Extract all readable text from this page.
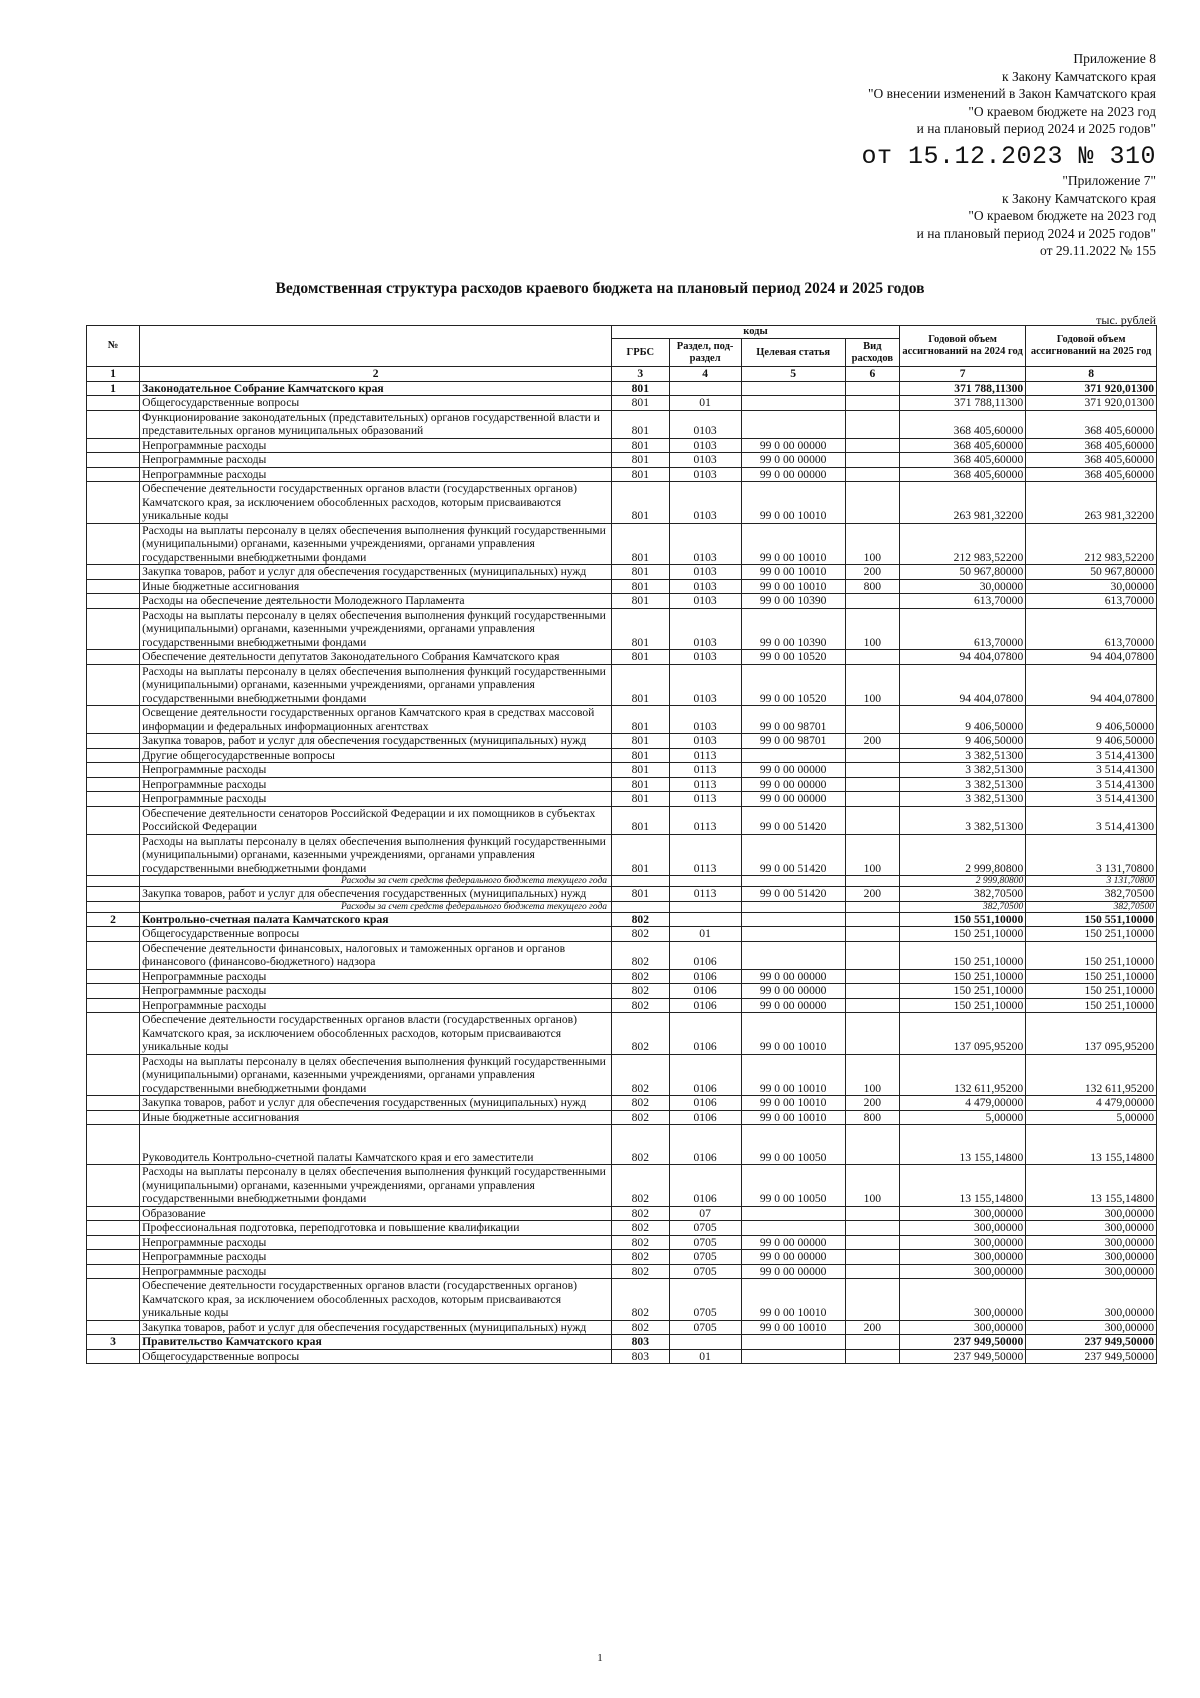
Приложение 8
к Закону Камчатского края
"О внесении изменений в Закон Камчатского края
"О краевом бюджете на 2023 год
и на плановый период 2024 и 2025 годов"
от 15.12.2023 № 310
"Приложение 7"
к Закону Камчатского края
"О краевом бюджете на 2023 год
и на плановый период 2024 и 2025 годов"
от 29.11.2022 № 155
Ведомственная структура расходов краевого бюджета на плановый период 2024 и 2025 годов
тыс. рублей
№		коды				Годовой объем ассигнований на 2024 год	Годовой объем ассигнований на 2025 год
		ГРБС	Раздел, под-раздел	Целевая статья	Вид расходов		
1	2	3	4	5	6	7	8
1	Законодательное Собрание Камчатского края	801				371 788,11300	371 920,01300
	Общегосударственные вопросы	801	01			371 788,11300	371 920,01300
	Функционирование законодательных (представительных) органов государственной власти и представительных органов муниципальных образований	801	0103			368 405,60000	368 405,60000
	Непрограммные расходы	801	0103	99 0 00 00000		368 405,60000	368 405,60000
	Непрограммные расходы	801	0103	99 0 00 00000		368 405,60000	368 405,60000
	Непрограммные расходы	801	0103	99 0 00 00000		368 405,60000	368 405,60000
	Обеспечение деятельности государственных органов власти (государственных органов) Камчатского края, за исключением обособленных расходов, которым присваиваются уникальные коды	801	0103	99 0 00 10010		263 981,32200	263 981,32200
	Расходы на выплаты персоналу в целях обеспечения выполнения функций государственными (муниципальными) органами, казенными учреждениями, органами управления государственными внебюджетными фондами	801	0103	99 0 00 10010	100	212 983,52200	212 983,52200
	Закупка товаров, работ и услуг для обеспечения государственных (муниципальных) нужд	801	0103	99 0 00 10010	200	50 967,80000	50 967,80000
	Иные бюджетные ассигнования	801	0103	99 0 00 10010	800	30,00000	30,00000
	Расходы на обеспечение деятельности Молодежного Парламента	801	0103	99 0 00 10390		613,70000	613,70000
	Расходы на выплаты персоналу в целях обеспечения выполнения функций государственными (муниципальными) органами, казенными учреждениями, органами управления государственными внебюджетными фондами	801	0103	99 0 00 10390	100	613,70000	613,70000
	Обеспечение деятельности депутатов Законодательного Собрания Камчатского края	801	0103	99 0 00 10520		94 404,07800	94 404,07800
	Расходы на выплаты персоналу в целях обеспечения выполнения функций государственными (муниципальными) органами, казенными учреждениями, органами управления государственными внебюджетными фондами	801	0103	99 0 00 10520	100	94 404,07800	94 404,07800
	Освещение деятельности государственных органов Камчатского края в средствах массовой информации и федеральных информационных агентствах	801	0103	99 0 00 98701		9 406,50000	9 406,50000
	Закупка товаров, работ и услуг для обеспечения государственных (муниципальных) нужд	801	0103	99 0 00 98701	200	9 406,50000	9 406,50000
	Другие общегосударственные вопросы	801	0113			3 382,51300	3 514,41300
	Непрограммные расходы	801	0113	99 0 00 00000		3 382,51300	3 514,41300
	Непрограммные расходы	801	0113	99 0 00 00000		3 382,51300	3 514,41300
	Непрограммные расходы	801	0113	99 0 00 00000		3 382,51300	3 514,41300
	Обеспечение деятельности сенаторов Российской Федерации и их помощников в субъектах Российской Федерации	801	0113	99 0 00 51420		3 382,51300	3 514,41300
	Расходы на выплаты персоналу в целях обеспечения выполнения функций государственными (муниципальными) органами, казенными учреждениями, органами управления государственными внебюджетными фондами	801	0113	99 0 00 51420	100	2 999,80800	3 131,70800
	Расходы за счет средств федерального бюджета текущего года					2 999,80800	3 131,70800
	Закупка товаров, работ и услуг для обеспечения государственных (муниципальных) нужд	801	0113	99 0 00 51420	200	382,70500	382,70500
	Расходы за счет средств федерального бюджета текущего года					382,70500	382,70500
2	Контрольно-счетная палата Камчатского края	802				150 551,10000	150 551,10000
	Общегосударственные вопросы	802	01			150 251,10000	150 251,10000
	Обеспечение деятельности финансовых, налоговых и таможенных органов и органов финансового (финансово-бюджетного) надзора	802	0106			150 251,10000	150 251,10000
	Непрограммные расходы	802	0106	99 0 00 00000		150 251,10000	150 251,10000
	Непрограммные расходы	802	0106	99 0 00 00000		150 251,10000	150 251,10000
	Непрограммные расходы	802	0106	99 0 00 00000		150 251,10000	150 251,10000
	Обеспечение деятельности государственных органов власти (государственных органов) Камчатского края, за исключением обособленных расходов, которым присваиваются уникальные коды	802	0106	99 0 00 10010		137 095,95200	137 095,95200
	Расходы на выплаты персоналу в целях обеспечения выполнения функций государственными (муниципальными) органами, казенными учреждениями, органами управления государственными внебюджетными фондами	802	0106	99 0 00 10010	100	132 611,95200	132 611,95200
	Закупка товаров, работ и услуг для обеспечения государственных (муниципальных) нужд	802	0106	99 0 00 10010	200	4 479,00000	4 479,00000
	Иные бюджетные ассигнования	802	0106	99 0 00 10010	800	5,00000	5,00000
	Руководитель Контрольно-счетной палаты Камчатского края и его заместители	802	0106	99 0 00 10050		13 155,14800	13 155,14800
	Расходы на выплаты персоналу в целях обеспечения выполнения функций государственными (муниципальными) органами, казенными учреждениями, органами управления государственными внебюджетными фондами	802	0106	99 0 00 10050	100	13 155,14800	13 155,14800
	Образование	802	07			300,00000	300,00000
	Профессиональная подготовка, переподготовка и повышение квалификации	802	0705			300,00000	300,00000
	Непрограммные расходы	802	0705	99 0 00 00000		300,00000	300,00000
	Непрограммные расходы	802	0705	99 0 00 00000		300,00000	300,00000
	Непрограммные расходы	802	0705	99 0 00 00000		300,00000	300,00000
	Обеспечение деятельности государственных органов власти (государственных органов) Камчатского края, за исключением обособленных расходов, которым присваиваются уникальные коды	802	0705	99 0 00 10010		300,00000	300,00000
	Закупка товаров, работ и услуг для обеспечения государственных (муниципальных) нужд	802	0705	99 0 00 10010	200	300,00000	300,00000
3	Правительство Камчатского края	803				237 949,50000	237 949,50000
	Общегосударственные вопросы	803	01			237 949,50000	237 949,50000
1
